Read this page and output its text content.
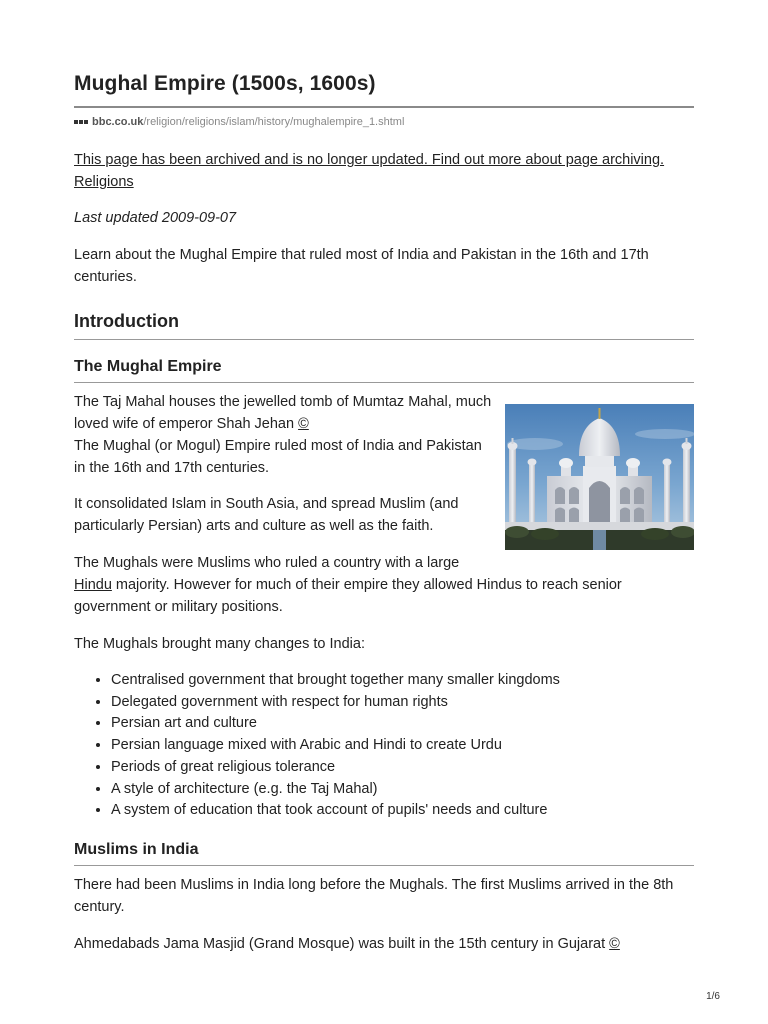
Mughal Empire (1500s, 1600s)
bbc.co.uk /religion/religions/islam/history/mughalempire_1.shtml

This page has been archived and is no longer updated. Find out more about page archiving.
Religions

Last updated 2009-09-07

Learn about the Mughal Empire that ruled most of India and Pakistan in the 16th and 17th centuries.

Introduction
The Mughal Empire

The Taj Mahal houses the jewelled tomb of Mumtaz Mahal, much loved wife of emperor Shah Jehan ©
The Mughal (or Mogul) Empire ruled most of India and Pakistan in the 16th and 17th centuries.

It consolidated Islam in South Asia, and spread Muslim (and particularly Persian) arts and culture as well as the faith.

The Mughals were Muslims who ruled a country with a large
Hindu majority. However for much of their empire they allowed Hindus to reach senior government or military positions.

The Mughals brought many changes to India:

• Centralised government that brought together many smaller kingdoms
• Delegated government with respect for human rights
• Persian art and culture
• Persian language mixed with Arabic and Hindi to create Urdu
• Periods of great religious tolerance
• A style of architecture (e.g. the Taj Mahal)
• A system of education that took account of pupils' needs and culture
Muslims in India

There had been Muslims in India long before the Mughals. The first Muslims arrived in the 8th century.

Ahmedabads Jama Masjid (Grand Mosque) was built in the 15th century in Gujarat ©

1/6
